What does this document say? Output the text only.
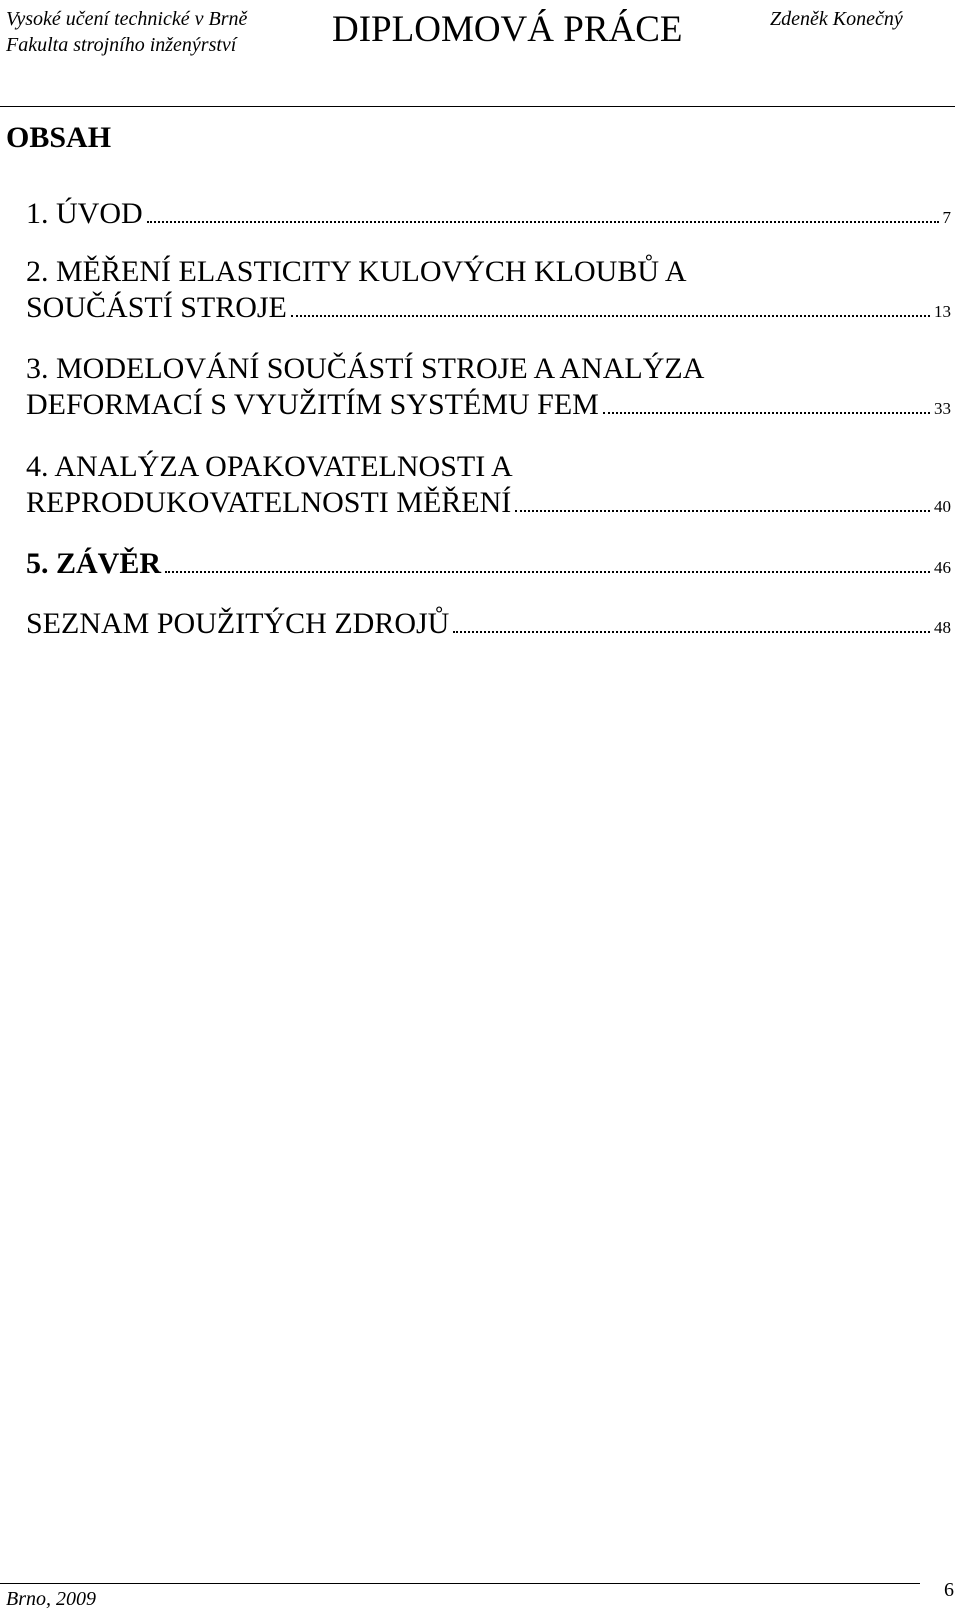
Vysoké učení technické v Brně
Fakulta strojního inženýrství	DIPLOMOVÁ PRÁCE	Zdeněk Konečný
OBSAH
1. ÚVOD	7
2. MĚŘENÍ ELASTICITY KULOVÝCH KLOUBŮ A
SOUČÁSTÍ STROJE	13
3. MODELOVÁNÍ SOUČÁSTÍ STROJE A ANALÝZA
DEFORMACÍ S VYUŽITÍM SYSTÉMU FEM	33
4. ANALÝZA OPAKOVATELNOSTI A
REPRODUKOVATELNOSTI MĚŘENÍ	40
5. ZÁVĚR	46
SEZNAM POUŽITÝCH ZDROJŮ	48
Brno, 2009	6
